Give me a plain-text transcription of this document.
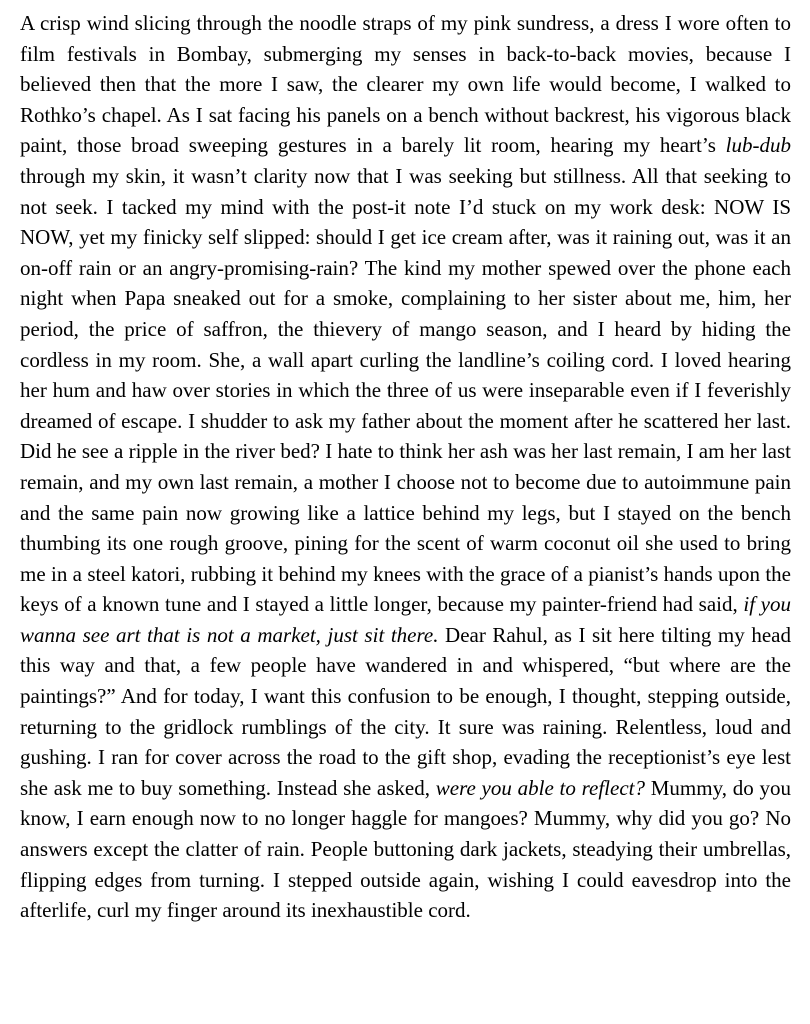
A crisp wind slicing through the noodle straps of my pink sundress, a dress I wore often to film festivals in Bombay, submerging my senses in back-to-back movies, because I believed then that the more I saw, the clearer my own life would become, I walked to Rothko’s chapel. As I sat facing his panels on a bench without backrest, his vigorous black paint, those broad sweeping gestures in a barely lit room, hearing my heart’s lub-dub through my skin, it wasn’t clarity now that I was seeking but stillness. All that seeking to not seek. I tacked my mind with the post-it note I’d stuck on my work desk: NOW IS NOW, yet my finicky self slipped: should I get ice cream after, was it raining out, was it an on-off rain or an angry-promising-rain? The kind my mother spewed over the phone each night when Papa sneaked out for a smoke, complaining to her sister about me, him, her period, the price of saffron, the thievery of mango season, and I heard by hiding the cordless in my room. She, a wall apart curling the landline’s coiling cord. I loved hearing her hum and haw over stories in which the three of us were inseparable even if I feverishly dreamed of escape. I shudder to ask my father about the moment after he scattered her last. Did he see a ripple in the river bed? I hate to think her ash was her last remain, I am her last remain, and my own last remain, a mother I choose not to become due to autoimmune pain and the same pain now growing like a lattice behind my legs, but I stayed on the bench thumbing its one rough groove, pining for the scent of warm coconut oil she used to bring me in a steel katori, rubbing it behind my knees with the grace of a pianist’s hands upon the keys of a known tune and I stayed a little longer, because my painter-friend had said, if you wanna see art that is not a market, just sit there. Dear Rahul, as I sit here tilting my head this way and that, a few people have wandered in and whispered, “but where are the paintings?” And for today, I want this confusion to be enough, I thought, stepping outside, returning to the gridlock rumblings of the city. It sure was raining. Relentless, loud and gushing. I ran for cover across the road to the gift shop, evading the receptionist’s eye lest she ask me to buy something. Instead she asked, were you able to reflect? Mummy, do you know, I earn enough now to no longer haggle for mangoes? Mummy, why did you go? No answers except the clatter of rain. People buttoning dark jackets, steadying their umbrellas, flipping edges from turning. I stepped outside again, wishing I could eavesdrop into the afterlife, curl my finger around its inexhaustible cord.
